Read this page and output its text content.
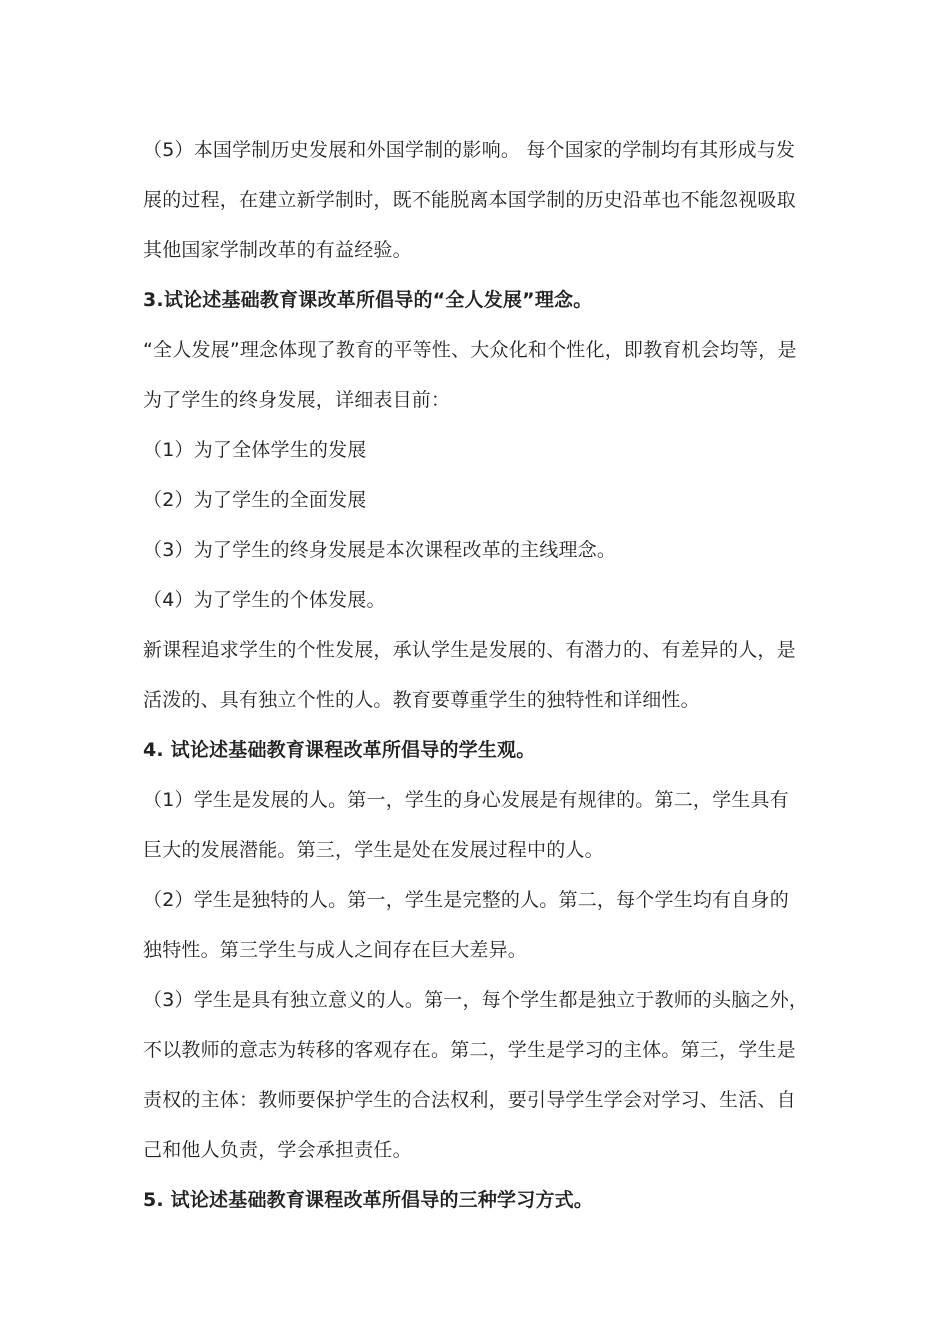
（5）本国学制历史发展和外国学制的影响。 每个国家的学制均有其形成与发
展的过程，在建立新学制时，既不能脱离本国学制的历史沿革也不能忽视吸取
其他国家学制改革的有益经验。
3.试论述基础教育课改革所倡导的“全人发展”理念。
“全人发展”理念体现了教育的平等性、大众化和个性化，即教育机会均等，是
为了学生的终身发展，详细表目前：
（1）为了全体学生的发展
（2）为了学生的全面发展
（3）为了学生的终身发展是本次课程改革的主线理念。
（4）为了学生的个体发展。
新课程追求学生的个性发展，承认学生是发展的、有潜力的、有差异的人，是
活泼的、具有独立个性的人。教育要尊重学生的独特性和详细性。
4. 试论述基础教育课程改革所倡导的学生观。
（1）学生是发展的人。第一，学生的身心发展是有规律的。第二，学生具有
巨大的发展潜能。第三，学生是处在发展过程中的人。
（2）学生是独特的人。第一，学生是完整的人。第二，每个学生均有自身的
独特性。第三学生与成人之间存在巨大差异。
（3）学生是具有独立意义的人。第一，每个学生都是独立于教师的头脑之外，
不以教师的意志为转移的客观存在。第二，学生是学习的主体。第三，学生是
责权的主体：教师要保护学生的合法权利，要引导学生学会对学习、生活、自
己和他人负责，学会承担责任。
5. 试论述基础教育课程改革所倡导的三种学习方式。
